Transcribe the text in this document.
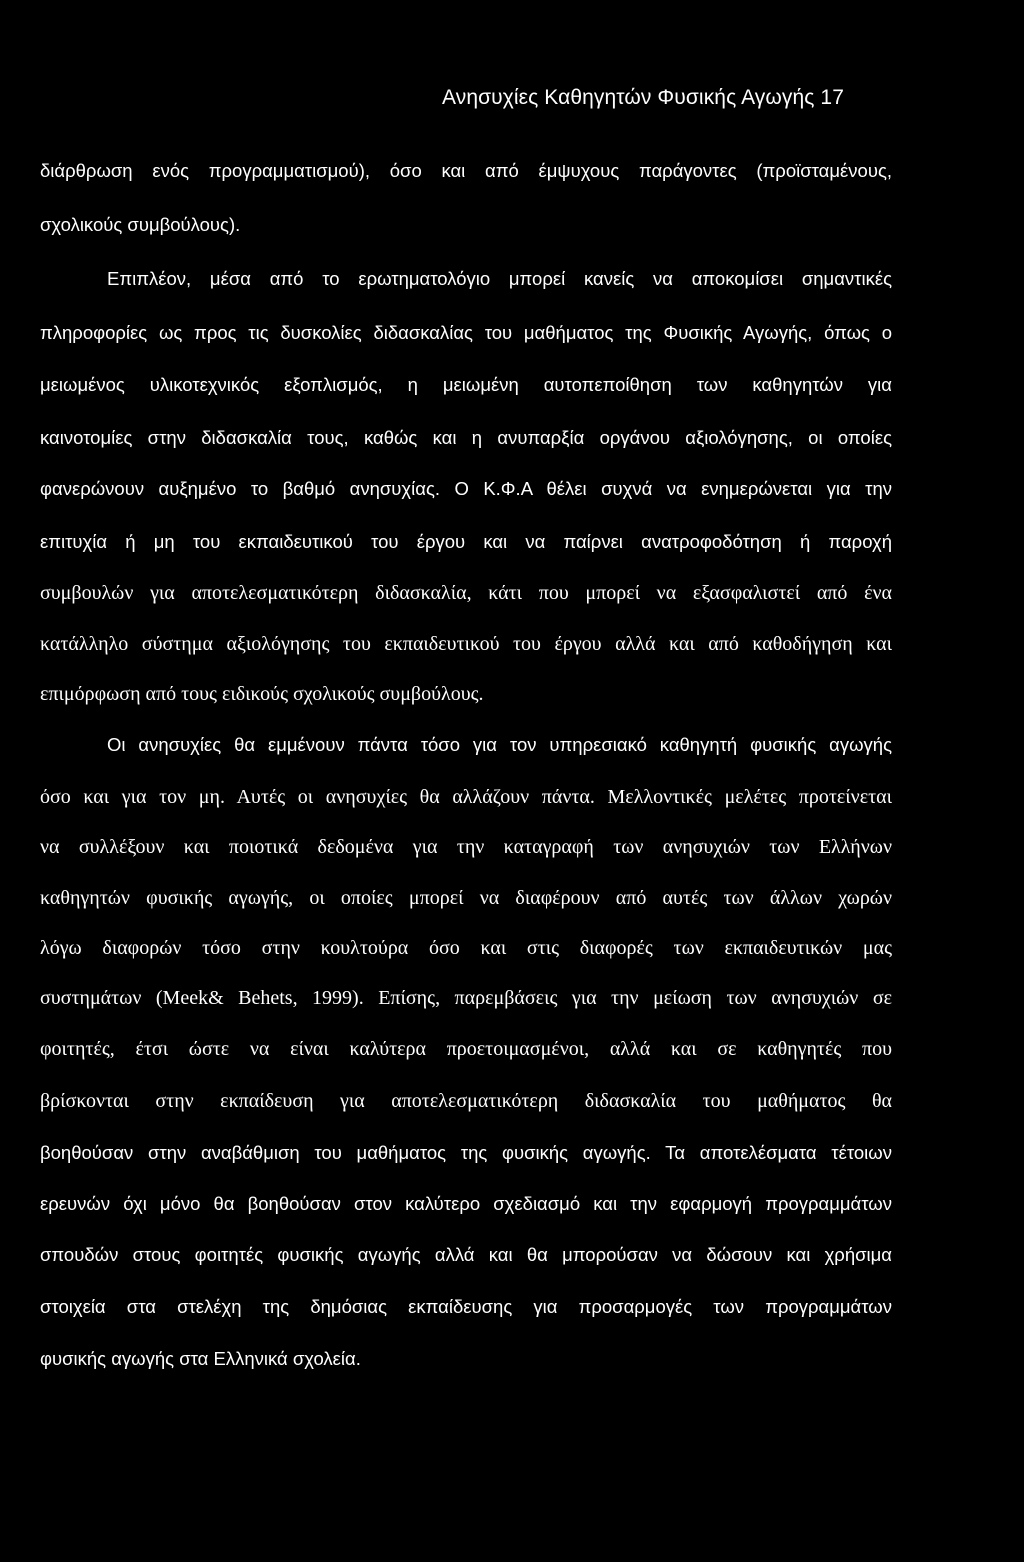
Ανησυχίες Καθηγητών Φυσικής Αγωγής 17
διάρθρωση ενός προγραμματισμού), όσο και από έμψυχους παράγοντες (προϊσταμένους,
σχολικούς συμβούλους).
Επιπλέον, μέσα από το ερωτηματολόγιο μπορεί κανείς να αποκομίσει σημαντικές
πληροφορίες ως προς τις δυσκολίες διδασκαλίας του μαθήματος της Φυσικής Αγωγής, όπως ο
μειωμένος υλικοτεχνικός εξοπλισμός, η μειωμένη αυτοπεποίθηση των καθηγητών για
καινοτομίες στην διδασκαλία τους, καθώς και η ανυπαρξία οργάνου αξιολόγησης, οι οποίες
φανερώνουν αυξημένο το βαθμό ανησυχίας. Ο Κ.Φ.Α θέλει συχνά να ενημερώνεται για την
επιτυχία ή μη του εκπαιδευτικού του έργου και να παίρνει ανατροφοδότηση ή παροχή
συμβουλών για αποτελεσματικότερη διδασκαλία, κάτι που μπορεί να εξασφαλιστεί από ένα
κατάλληλο σύστημα αξιολόγησης του εκπαιδευτικού του έργου αλλά και από καθοδήγηση και
επιμόρφωση από τους ειδικούς σχολικούς συμβούλους.
Οι ανησυχίες θα εμμένουν πάντα τόσο για τον υπηρεσιακό καθηγητή φυσικής αγωγής
όσο και για τον μη. Αυτές οι ανησυχίες θα αλλάζουν πάντα. Μελλοντικές μελέτες προτείνεται
να συλλέξουν και ποιοτικά δεδομένα για την καταγραφή των ανησυχιών των Ελλήνων
καθηγητών φυσικής αγωγής, οι οποίες μπορεί να διαφέρουν από αυτές των άλλων χωρών
λόγω διαφορών τόσο στην κουλτούρα όσο και στις διαφορές των εκπαιδευτικών μας
συστημάτων (Meek& Behets, 1999). Επίσης, παρεμβάσεις για την μείωση των ανησυχιών σε
φοιτητές, έτσι ώστε να είναι καλύτερα προετοιμασμένοι, αλλά και σε καθηγητές που
βρίσκονται στην εκπαίδευση για αποτελεσματικότερη διδασκαλία του μαθήματος θα
βοηθούσαν στην αναβάθμιση του μαθήματος της φυσικής αγωγής. Τα αποτελέσματα τέτοιων
ερευνών όχι μόνο θα βοηθούσαν στον καλύτερο σχεδιασμό και την εφαρμογή προγραμμάτων
σπουδών στους φοιτητές φυσικής αγωγής αλλά και θα μπορούσαν να δώσουν και χρήσιμα
στοιχεία στα στελέχη της δημόσιας εκπαίδευσης για προσαρμογές των προγραμμάτων
φυσικής αγωγής στα Ελληνικά σχολεία.
